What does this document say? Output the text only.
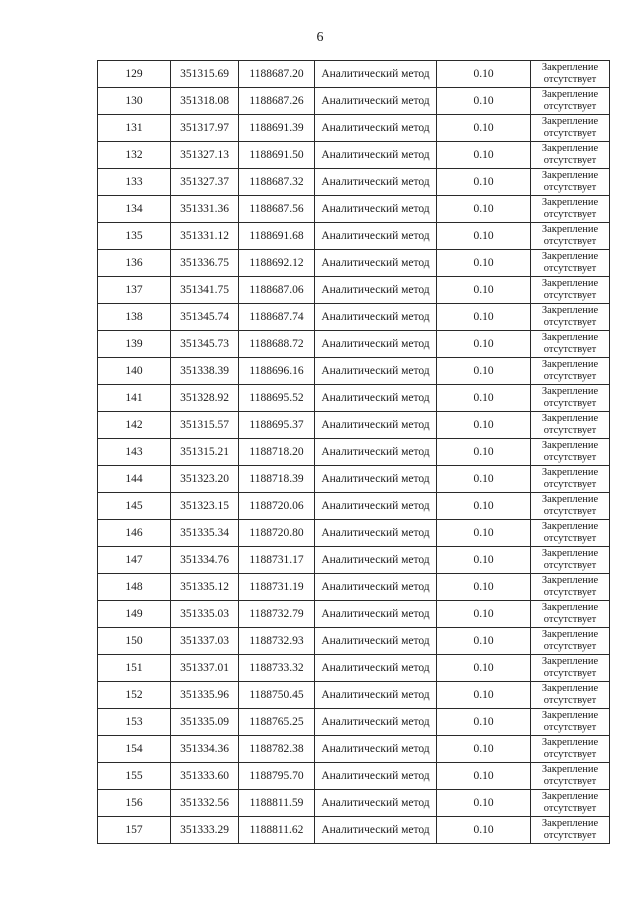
6
129	351315.69	1188687.20	Аналитический метод	0.10	Закрепление отсутствует
130	351318.08	1188687.26	Аналитический метод	0.10	Закрепление отсутствует
131	351317.97	1188691.39	Аналитический метод	0.10	Закрепление отсутствует
132	351327.13	1188691.50	Аналитический метод	0.10	Закрепление отсутствует
133	351327.37	1188687.32	Аналитический метод	0.10	Закрепление отсутствует
134	351331.36	1188687.56	Аналитический метод	0.10	Закрепление отсутствует
135	351331.12	1188691.68	Аналитический метод	0.10	Закрепление отсутствует
136	351336.75	1188692.12	Аналитический метод	0.10	Закрепление отсутствует
137	351341.75	1188687.06	Аналитический метод	0.10	Закрепление отсутствует
138	351345.74	1188687.74	Аналитический метод	0.10	Закрепление отсутствует
139	351345.73	1188688.72	Аналитический метод	0.10	Закрепление отсутствует
140	351338.39	1188696.16	Аналитический метод	0.10	Закрепление отсутствует
141	351328.92	1188695.52	Аналитический метод	0.10	Закрепление отсутствует
142	351315.57	1188695.37	Аналитический метод	0.10	Закрепление отсутствует
143	351315.21	1188718.20	Аналитический метод	0.10	Закрепление отсутствует
144	351323.20	1188718.39	Аналитический метод	0.10	Закрепление отсутствует
145	351323.15	1188720.06	Аналитический метод	0.10	Закрепление отсутствует
146	351335.34	1188720.80	Аналитический метод	0.10	Закрепление отсутствует
147	351334.76	1188731.17	Аналитический метод	0.10	Закрепление отсутствует
148	351335.12	1188731.19	Аналитический метод	0.10	Закрепление отсутствует
149	351335.03	1188732.79	Аналитический метод	0.10	Закрепление отсутствует
150	351337.03	1188732.93	Аналитический метод	0.10	Закрепление отсутствует
151	351337.01	1188733.32	Аналитический метод	0.10	Закрепление отсутствует
152	351335.96	1188750.45	Аналитический метод	0.10	Закрепление отсутствует
153	351335.09	1188765.25	Аналитический метод	0.10	Закрепление отсутствует
154	351334.36	1188782.38	Аналитический метод	0.10	Закрепление отсутствует
155	351333.60	1188795.70	Аналитический метод	0.10	Закрепление отсутствует
156	351332.56	1188811.59	Аналитический метод	0.10	Закрепление отсутствует
157	351333.29	1188811.62	Аналитический метод	0.10	Закрепление отсутствует
